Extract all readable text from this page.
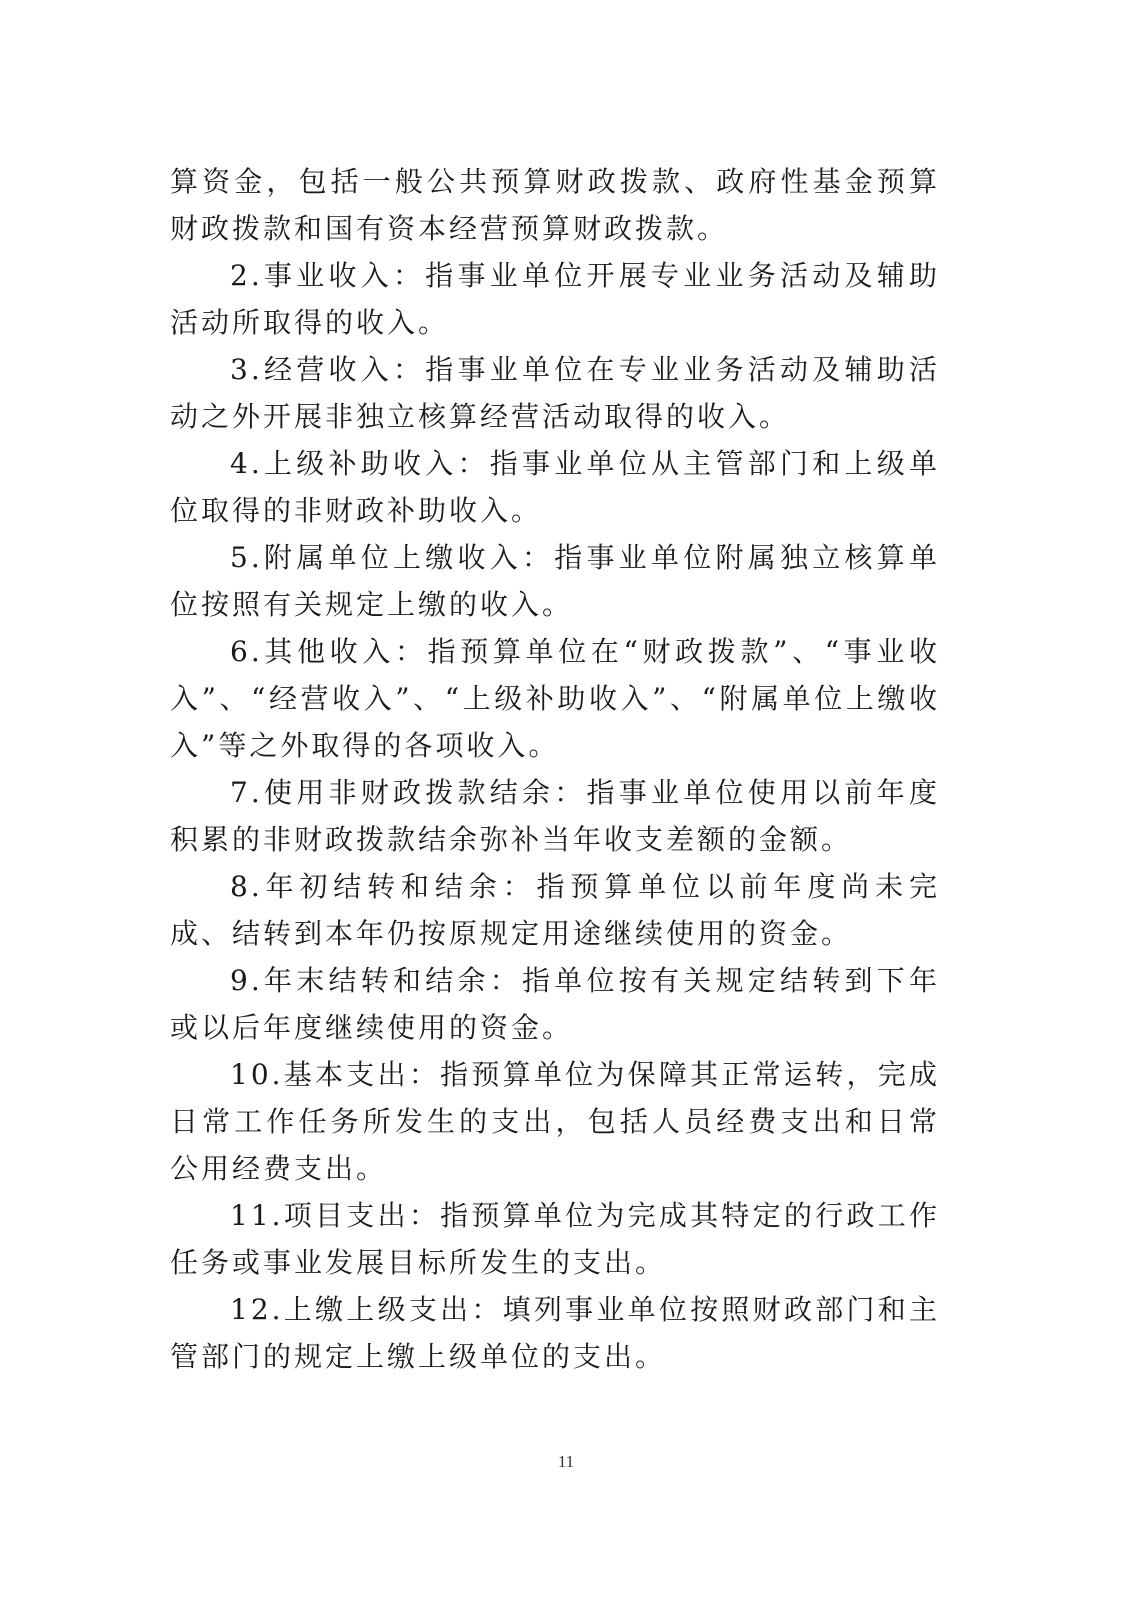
算资金，包括一般公共预算财政拨款、政府性基金预算财政拨款和国有资本经营预算财政拨款。

2.事业收入：指事业单位开展专业业务活动及辅助活动所取得的收入。

3.经营收入：指事业单位在专业业务活动及辅助活动之外开展非独立核算经营活动取得的收入。

4.上级补助收入：指事业单位从主管部门和上级单位取得的非财政补助收入。

5.附属单位上缴收入：指事业单位附属独立核算单位按照有关规定上缴的收入。

6.其他收入：指预算单位在“财政拨款”、“事业收入”、“经营收入”、“上级补助收入”、“附属单位上缴收入”等之外取得的各项收入。

7.使用非财政拨款结余：指事业单位使用以前年度积累的非财政拨款结余弥补当年收支差额的金额。

8.年初结转和结余：指预算单位以前年度尚未完成、结转到本年仍按原规定用途继续使用的资金。

9.年末结转和结余：指单位按有关规定结转到下年或以后年度继续使用的资金。

10.基本支出：指预算单位为保障其正常运转，完成日常工作任务所发生的支出，包括人员经费支出和日常公用经费支出。

11.项目支出：指预算单位为完成其特定的行政工作任务或事业发展目标所发生的支出。

12.上缴上级支出：填列事业单位按照财政部门和主管部门的规定上缴上级单位的支出。

11
